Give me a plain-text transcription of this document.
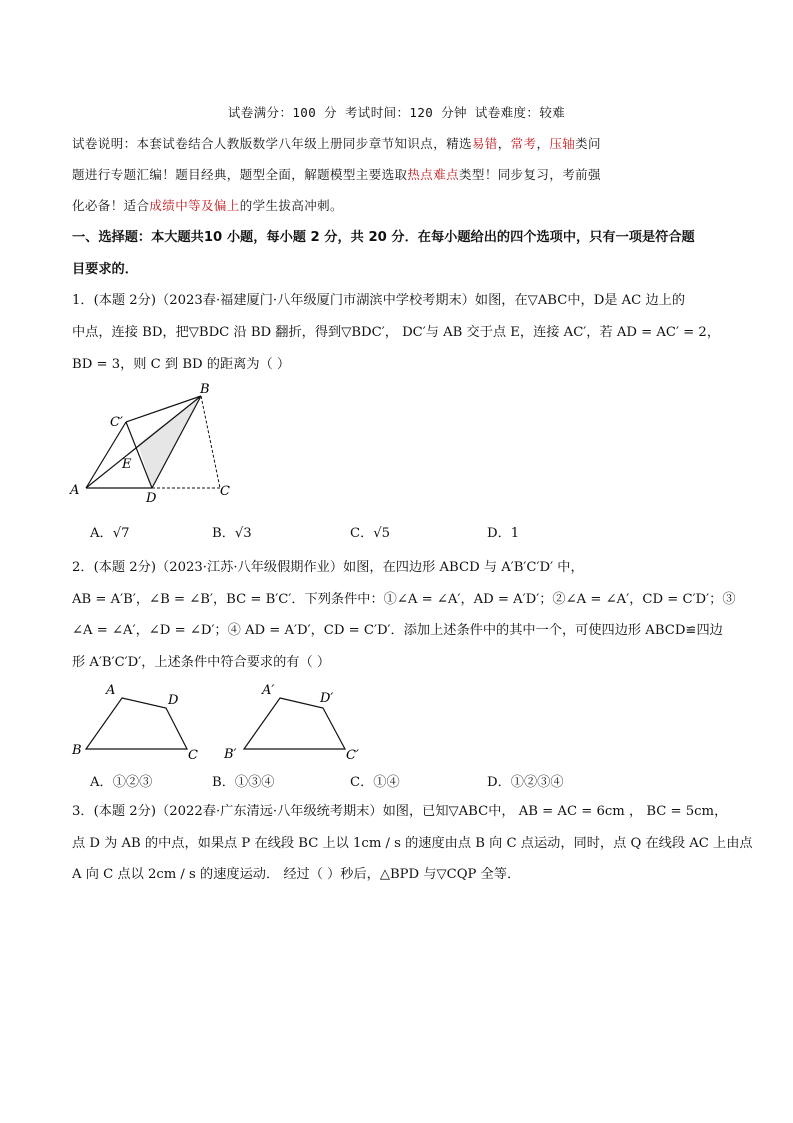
试卷满分：100 分 考试时间：120 分钟 试卷难度：较难
试卷说明：本套试卷结合人教版数学八年级上册同步章节知识点，精选易错，常考，压轴类问
题进行专题汇编！题目经典，题型全面，解题模型主要选取热点难点类型！同步复习，考前强
化必备！适合成绩中等及偏上的学生拔高冲刺。
一、选择题：本大题共10 小题，每小题 2 分，共 20 分．在每小题给出的四个选项中，只有一项是符合题
目要求的．
1．(本题 2分)（2023春·福建厦门·八年级厦门市湖滨中学校考期末）如图，在▽ABC中，D是 AC 边上的
中点，连接 BD，把▽BDC 沿 BD 翻折，得到▽BDC′， DC′与 AB 交于点 E，连接 AC′，若 AD = AC′ = 2，
BD = 3，则 C 到 BD 的距离为（ ）
B
C′
E
A
D	C
A．√7	B．√3	C．√5	D．1
2．(本题 2分)（2023·江苏·八年级假期作业）如图，在四边形 ABCD 与 A′B′C′D′ 中，
AB = A′B′，∠B = ∠B′，BC = B′C′．下列条件中：①∠A = ∠A′，AD = A′D′；②∠A = ∠A′，CD = C′D′；③
∠A = ∠A′，∠D = ∠D′；④ AD = A′D′，CD = C′D′．添加上述条件中的其中一个，可使四边形 ABCD≌四边
形 A′B′C′D′，上述条件中符合要求的有（ ）
A
D
B	C
A′
D′
B′	C′
A．①②③	B．①③④	C．①④	D．①②③④
3．(本题 2分)（2022春·广东清远·八年级统考期末）如图，已知▽ABC中， AB = AC = 6cm ， BC = 5cm，
点 D 为 AB 的中点，如果点 P 在线段 BC 上以 1cm / s 的速度由点 B 向 C 点运动，同时，点 Q 在线段 AC 上由点
A 向 C 点以 2cm / s 的速度运动． 经过（ ）秒后，△BPD 与▽CQP 全等．
